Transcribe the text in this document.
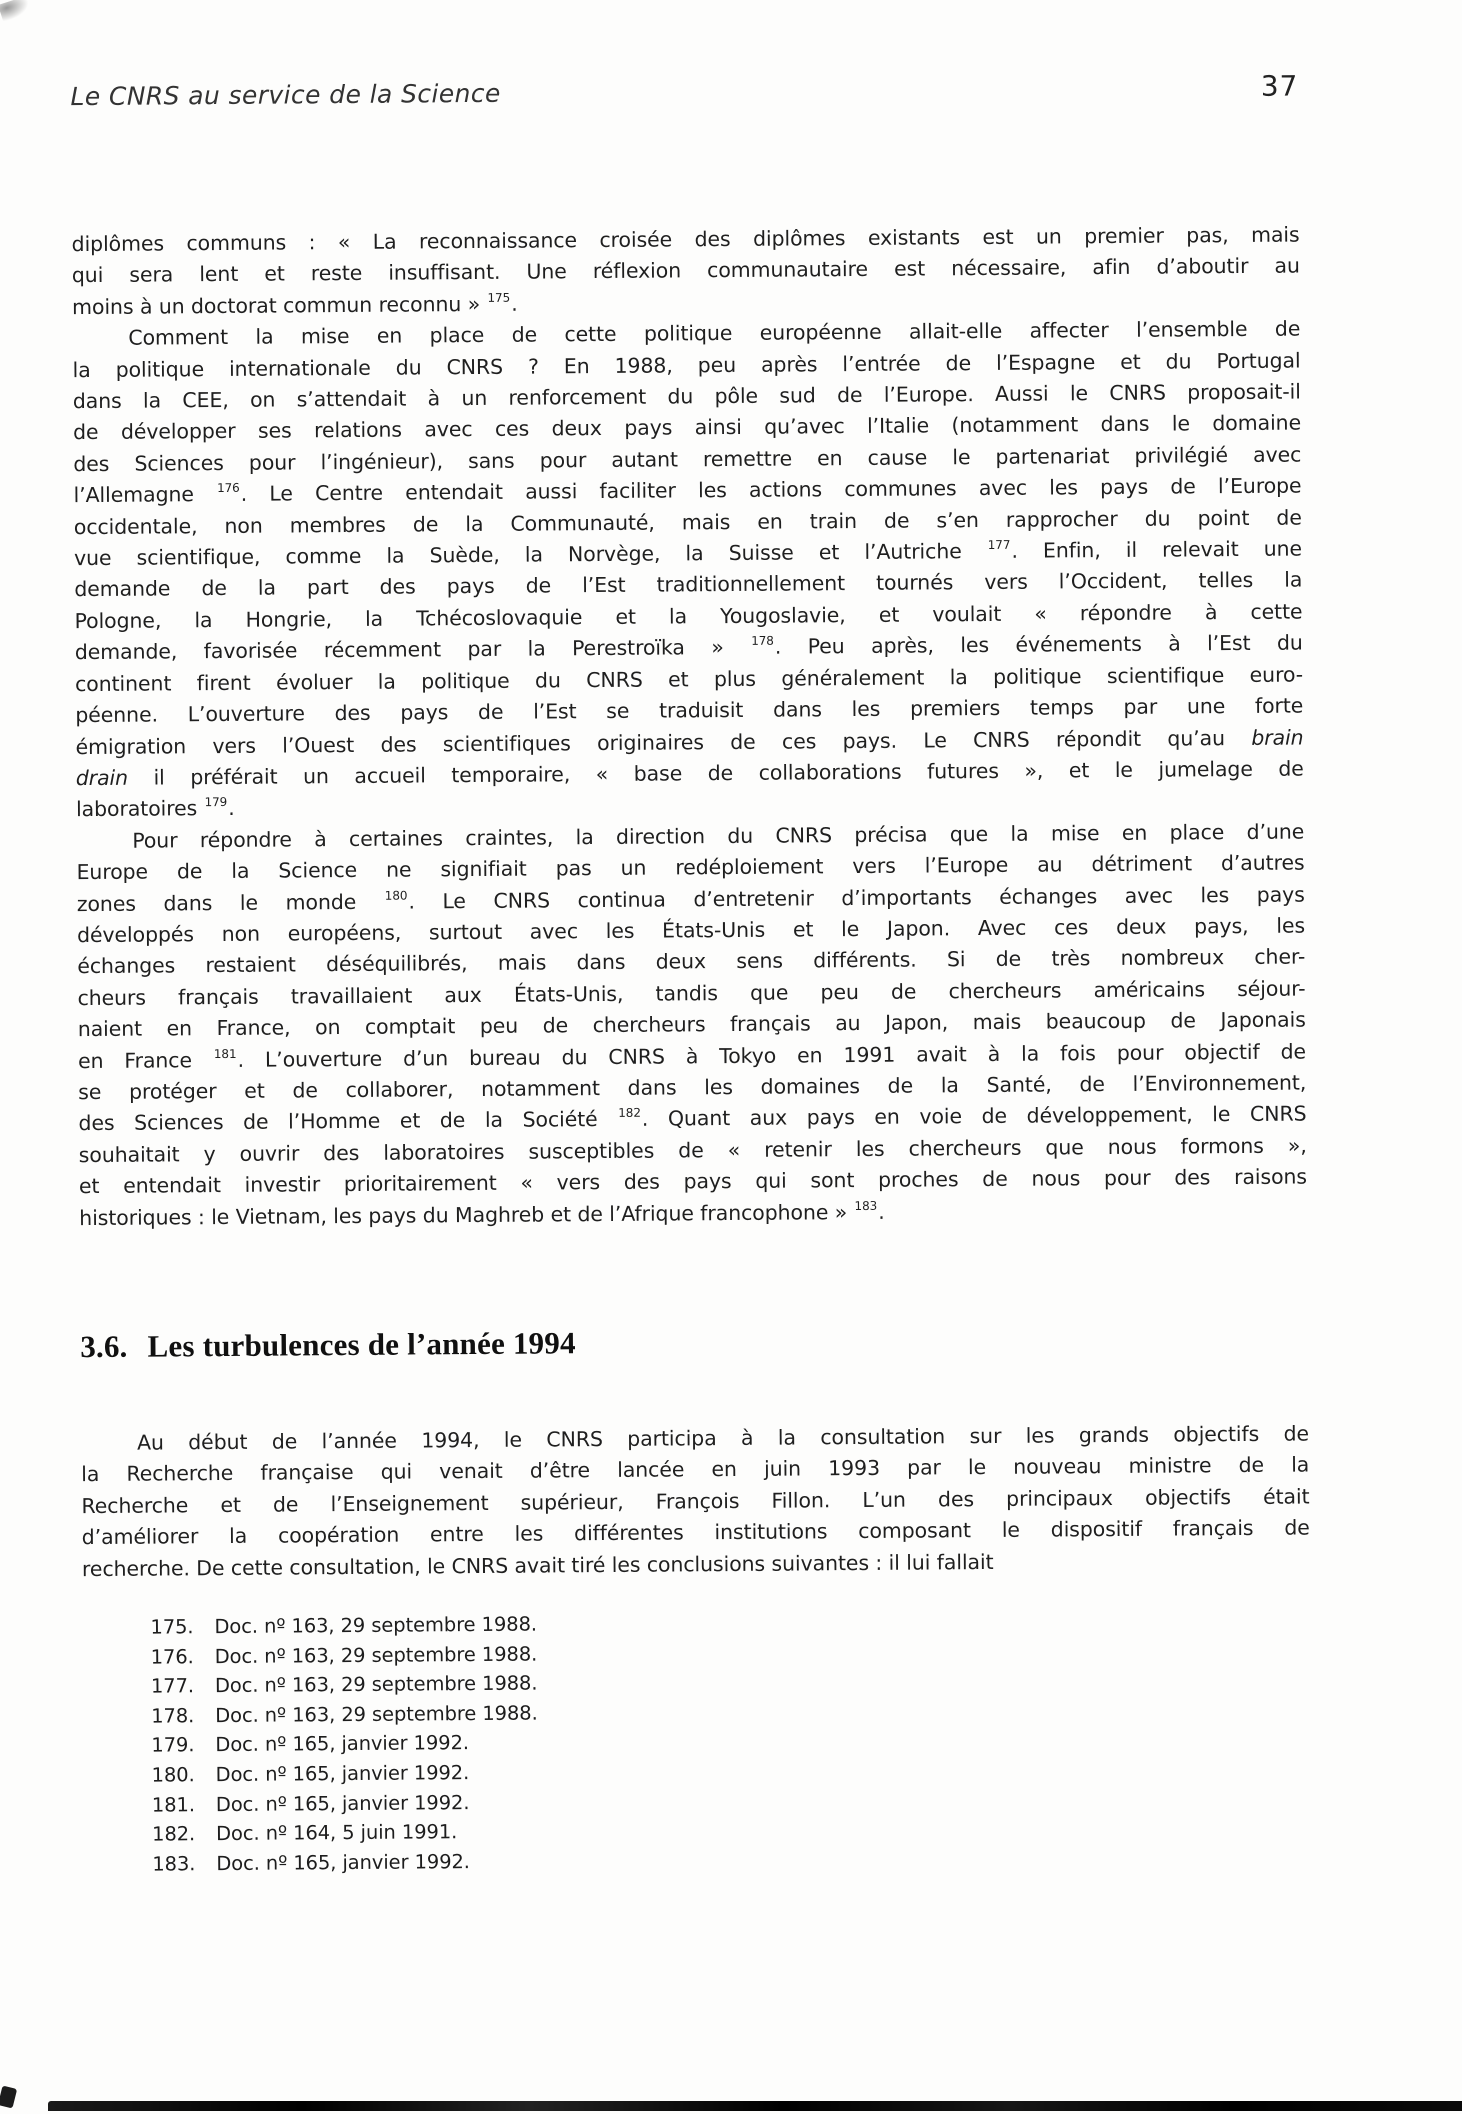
Le CNRS au service de la Science	37
diplômes communs : « La reconnaissance croisée des diplômes existants est un premier pas, mais
qui sera lent et reste insuffisant. Une réflexion communautaire est nécessaire, afin d’aboutir au
moins à un doctorat commun reconnu » $^{175}$.
Comment la mise en place de cette politique européenne allait-elle affecter l’ensemble de
la politique internationale du CNRS ? En 1988, peu après l’entrée de l’Espagne et du Portugal
dans la CEE, on s’attendait à un renforcement du pôle sud de l’Europe. Aussi le CNRS proposait-il
de développer ses relations avec ces deux pays ainsi qu’avec l’Italie (notamment dans le domaine
des Sciences pour l’ingénieur), sans pour autant remettre en cause le partenariat privilégié avec
l’Allemagne $^{176}$. Le Centre entendait aussi faciliter les actions communes avec les pays de l’Europe
occidentale, non membres de la Communauté, mais en train de s’en rapprocher du point de
vue scientifique, comme la Suède, la Norvège, la Suisse et l’Autriche $^{177}$. Enfin, il relevait une
demande de la part des pays de l’Est traditionnellement tournés vers l’Occident, telles la
Pologne, la Hongrie, la Tchécoslovaquie et la Yougoslavie, et voulait « répondre à cette
demande, favorisée récemment par la Perestroïka » $^{178}$. Peu après, les événements à l’Est du
continent firent évoluer la politique du CNRS et plus généralement la politique scientifique euro-
péenne. L’ouverture des pays de l’Est se traduisit dans les premiers temps par une forte
émigration vers l’Ouest des scientifiques originaires de ces pays. Le CNRS répondit qu’au brain
drain il préférait un accueil temporaire, « base de collaborations futures », et le jumelage de
laboratoires $^{179}$.
Pour répondre à certaines craintes, la direction du CNRS précisa que la mise en place d’une
Europe de la Science ne signifiait pas un redéploiement vers l’Europe au détriment d’autres
zones dans le monde $^{180}$. Le CNRS continua d’entretenir d’importants échanges avec les pays
développés non européens, surtout avec les États-Unis et le Japon. Avec ces deux pays, les
échanges restaient déséquilibrés, mais dans deux sens différents. Si de très nombreux cher-
cheurs français travaillaient aux États-Unis, tandis que peu de chercheurs américains séjour-
naient en France, on comptait peu de chercheurs français au Japon, mais beaucoup de Japonais
en France $^{181}$. L’ouverture d’un bureau du CNRS à Tokyo en 1991 avait à la fois pour objectif de
se protéger et de collaborer, notamment dans les domaines de la Santé, de l’Environnement,
des Sciences de l’Homme et de la Société $^{182}$. Quant aux pays en voie de développement, le CNRS
souhaitait y ouvrir des laboratoires susceptibles de « retenir les chercheurs que nous formons »,
et entendait investir prioritairement « vers des pays qui sont proches de nous pour des raisons
historiques : le Vietnam, les pays du Maghreb et de l’Afrique francophone » $^{183}$.
3.6. Les turbulences de l’année 1994
Au début de l’année 1994, le CNRS participa à la consultation sur les grands objectifs de
la Recherche française qui venait d’être lancée en juin 1993 par le nouveau ministre de la
Recherche et de l’Enseignement supérieur, François Fillon. L’un des principaux objectifs était
d’améliorer la coopération entre les différentes institutions composant le dispositif français de
recherche. De cette consultation, le CNRS avait tiré les conclusions suivantes : il lui fallait
175.	Doc. nº 163, 29 septembre 1988.
176.	Doc. nº 163, 29 septembre 1988.
177.	Doc. nº 163, 29 septembre 1988.
178.	Doc. nº 163, 29 septembre 1988.
179.	Doc. nº 165, janvier 1992.
180.	Doc. nº 165, janvier 1992.
181.	Doc. nº 165, janvier 1992.
182.	Doc. nº 164, 5 juin 1991.
183.	Doc. nº 165, janvier 1992.
